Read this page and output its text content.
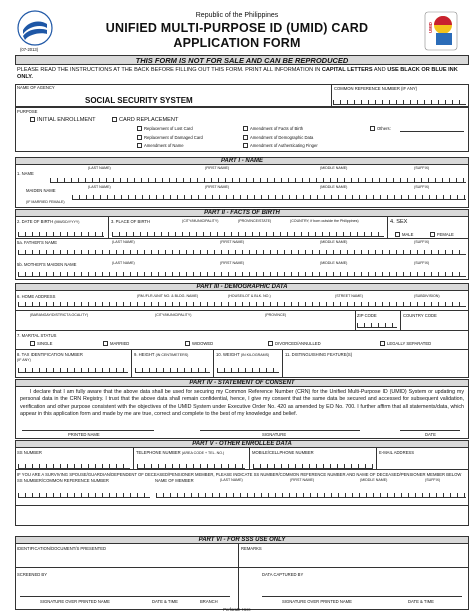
(07-2013)
Republic of the Philippines
UNIFIED MULTI-PURPOSE ID (UMID) CARD
APPLICATION FORM
UMID
THIS FORM IS NOT FOR SALE AND CAN BE REPRODUCED
PLEASE READ THE INSTRUCTIONS AT THE BACK BEFORE FILLING OUT THIS FORM. PRINT ALL INFORMATION IN CAPITAL LETTERS AND USE BLACK OR BLUE INK ONLY.
NAME OF AGENCY
SOCIAL SECURITY SYSTEM
COMMON REFERENCE NUMBER (IF ANY)
PURPOSE
INITIAL ENROLLMENT	CARD REPLACEMENT
Replacement of Lost Card
Replacement of Damaged Card
Amendment of Name
Amendment of Facts of Birth
Amendment of Demographic Data
Amendment of Authenticating Finger
Others:
PART I - NAME
1. NAME
(LAST NAME)	(FIRST NAME)	(MIDDLE NAME)	(SUFFIX)
MAIDEN NAME
(LAST NAME)	(FIRST NAME)	(MIDDLE NAME)	(SUFFIX)
(IF MARRIED FEMALE)
PART II - FACTS OF BIRTH
2. DATE OF BIRTH (MM/DD/YYYY)	3. PLACE OF BIRTH	(CITY/MUNICIPALITY)	(PROVINCE/STATE)	(COUNTRY, if born outside the Philippines)	4. SEX
MALE	FEMALE
5a. FATHER'S NAME	(LAST NAME)	(FIRST NAME)	(MIDDLE NAME)	(SUFFIX)
5b. MOTHER'S MAIDEN NAME	(LAST NAME)	(FIRST NAME)	(MIDDLE NAME)	(SUFFIX)
PART III - DEMOGRAPHIC DATA
6. HOME ADDRESS	(RM./FLR./UNIT NO. & BLDG. NAME)	(HOUSE/LOT & BLK. NO.)	(STREET NAME)	(SUBDIVISION)
(BARANGAY/DISTRICT/LOCALITY)	(CITY/MUNICIPALITY)	(PROVINCE)	ZIP CODE	COUNTRY CODE
7. MARITAL STATUS
SINGLE	MARRIED	WIDOWED	DIVORCED/ANNULLED	LEGALLY SEPARATED
8. TAX IDENTIFICATION NUMBER
(IF ANY)
9. HEIGHT (IN CENTIMETERS)	10. WEIGHT (IN KILOGRAMS)	11. DISTINGUISHING FEATURE(S)
PART IV - STATEMENT OF CONSENT
I declare that I am fully aware that the above data shall be used for securing my Common Reference Number (CRN) for the Unified Multi-Purpose ID (UMID) System or updating my personal data in the CRN Registry. I trust that the above data shall remain confidential, hence, I give my consent that the same data be secured and accessed for subsequent validation, verification and other purpose consistent with the objectives of the UMID System under Executive Order No. 420 as amended by EO No. 700. I further affirm that all statements/data, which appear in this application form and made by me are true, correct and complete to the best of my knowledge and belief.
PRINTED NAME	SIGNATURE	DATE
PART V - OTHER ENROLLEE DATA
SS NUMBER	TELEPHONE NUMBER (AREA CODE + TEL. NO.)	MOBILE/CELLPHONE NUMBER	E-MAIL ADDRESS
IF YOU ARE A SURVIVING SPOUSE/GUARDIAN/DEPENDENT OF DECEASED/PENSIONER MEMBER, PLEASE INDICATE SS NUMBER/COMMON REFERENCE NUMBER AND NAME OF DECEASED/PENSIONER MEMBER BELOW
SS NUMBER/COMMON REFERENCE NUMBER	NAME OF MEMBER	(LAST NAME)	(FIRST NAME)	(MIDDLE NAME)	(SUFFIX)
PART VI - FOR SSS USE ONLY
IDENTIFICATION/DOCUMENT/S PRESENTED	REMARKS
SCREENED BY	DATA CAPTURED BY
SIGNATURE OVER PRINTED NAME	DATE & TIME	BRANCH	SIGNATURE OVER PRINTED NAME	DATE & TIME
Perforate Here
